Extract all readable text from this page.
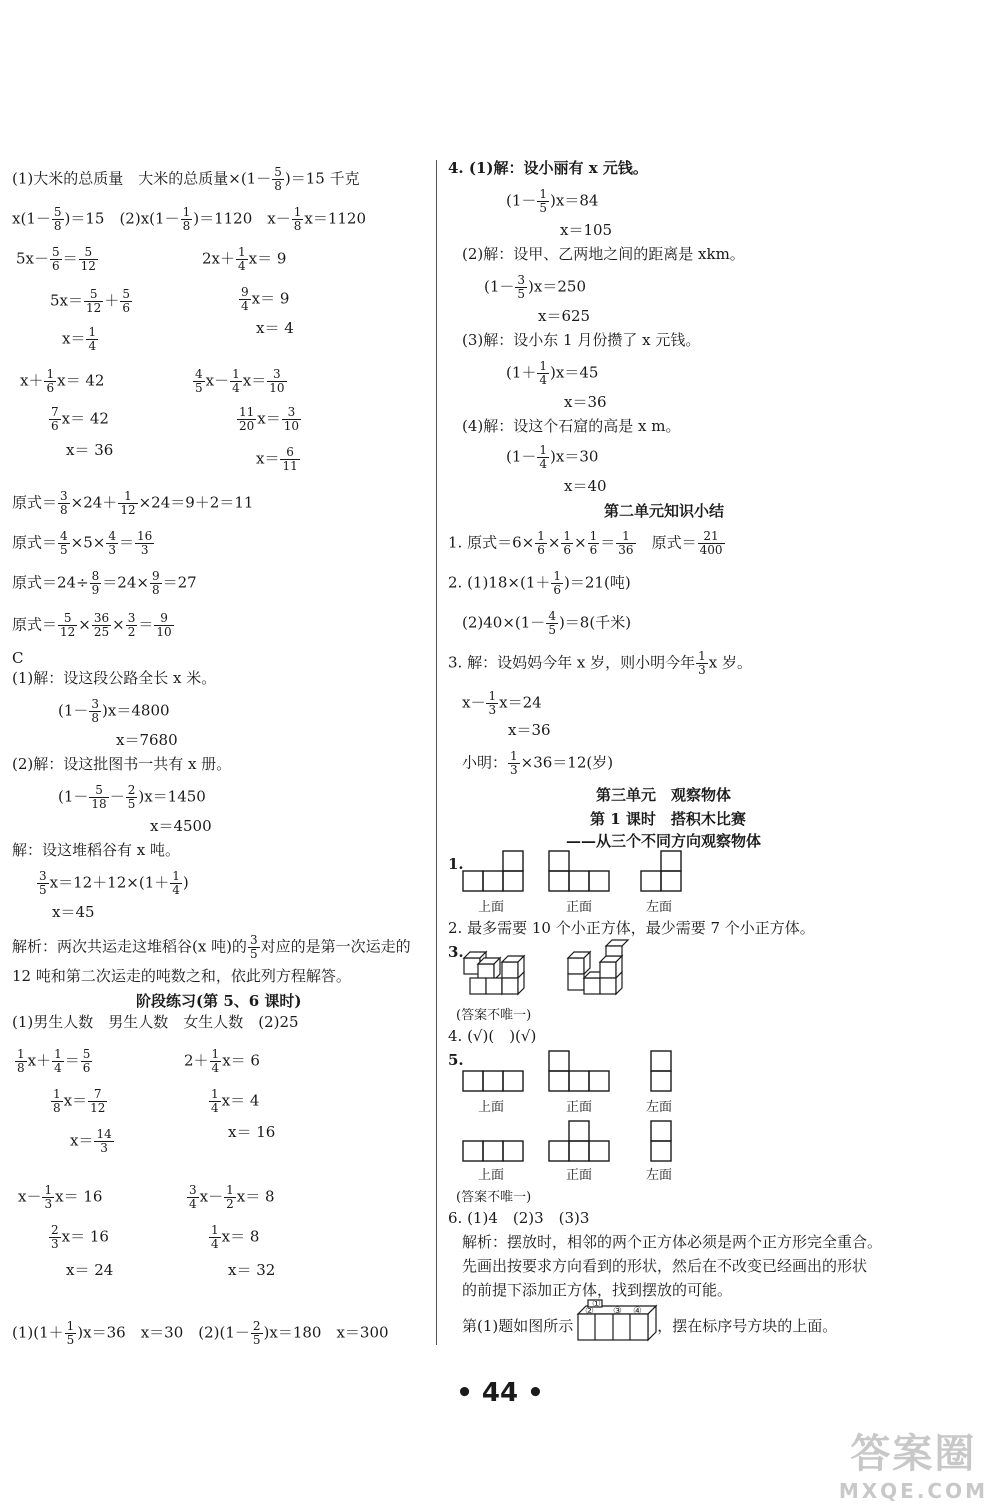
(1)大米的总质量　大米的总质量$\times(1- \frac{5}{8} )=15$ 千克
$x(1- \frac{5}{8} )=15$　$(2)x(1- \frac{1}{8} )=1120$　$x- \frac{1}{8} x=1120$
$5x- \frac{5}{6} = \frac{5}{12}$
$5x= \frac{5}{12} + \frac{5}{6}$
$x= \frac{1}{4}$
$2x+ \frac{1}{4} x= 9$
$\frac{9}{4} x= 9$
x＝ 4
$x+ \frac{1}{6} x= 42$
$\frac{7}{6} x= 42$
x＝ 36
$\frac{4}{5} x- \frac{1}{4} x= \frac{3}{10}$
$\frac{11}{20} x= \frac{3}{10}$
$x= \frac{6}{11}$
原式＝ $\frac{3}{8} \times 24+ \frac{1}{12} \times 24=9+2=11$
原式＝ $\frac{4}{5} \times 5\times \frac{4}{3} = \frac{16}{3}$
原式$=24\div \frac{8}{9} =24\times \frac{9}{8} =27$
原式＝ $\frac{5}{12} \times \frac{36}{25} \times \frac{3}{2} = \frac{9}{10}$
C
(1)解：设这段公路全长 x 米。
$(1- \frac{3}{8} )x=4800$
x＝7680
(2)解：设这批图书一共有 x 册。
$(1- \frac{5}{18} - \frac{2}{5} )x=1450$
x＝4500
解：设这堆稻谷有 x 吨。
$\frac{3}{5} x=12+12\times(1+ \frac{1}{4}$ )
x＝45
解析：两次共运走这堆稻谷(x 吨)的 $\frac{3}{5}$ 对应的是第一次运走的
12 吨和第二次运走的吨数之和，依此列方程解答。
阶段练习(第 5、6 课时)
(1)男生人数　男生人数　女生人数　(2)25
$\frac{1}{8} x+ \frac{1}{4} = \frac{5}{6}$
$\frac{1}{8} x= \frac{7}{12}$
$x= \frac{14}{3}$
$2+ \frac{1}{4} x= 6$
$\frac{1}{4} x= 4$
x＝ 16
$x- \frac{1}{3} x= 16$
$\frac{2}{3} x= 16$
x＝ 24
$\frac{3}{4} x- \frac{1}{2} x= 8$
$\frac{1}{4} x= 8$
x＝ 32
$(1)(1+ \frac{1}{5} )x=36$　x＝30　$(2)(1- \frac{2}{5} )x=180$　x＝300
4. (1)解：设小丽有 x 元钱。
$(1- \frac{1}{5} )x=84$
x＝105
(2)解：设甲、乙两地之间的距离是 xkm。
$(1- \frac{3}{5} )x=250$
x＝625
(3)解：设小东 1 月份攒了 x 元钱。
$(1+ \frac{1}{4} )x=45$
x＝36
(4)解：设这个石窟的高是 x m。
$(1- \frac{1}{4} )x=30$
x＝40
第二单元知识小结
1. 原式$=6\times \frac{1}{6} \times \frac{1}{6} \times \frac{1}{6} = \frac{1}{36}$ 　原式＝ $\frac{21}{400}$
2. $(1)18\times(1+ \frac{1}{6} )=21$(吨)
$(2)40\times(1- \frac{4}{5} )=8$(千米)
3. 解：设妈妈今年 x 岁，则小明今年 $\frac{1}{3}$ x 岁。
$x- \frac{1}{3} x=24$
x＝36
小明： $\frac{1}{3} \times 36=12$(岁)
第三单元　观察物体
第 1 课时　搭积木比赛
——从三个不同方向观察物体
1.
上面	正面	左面
2. 最多需要 10 个小正方体，最少需要 7 个小正方体。
3.
(答案不唯一)
4. (√)(　)(√)
5.
上面	正面	左面
上面	正面	左面
(答案不唯一)
6. (1)4　(2)3　(3)3
解析：摆放时，相邻的两个正方体必须是两个正方形完全重合。
先画出按要求方向看到的形状，然后在不改变已经画出的形状
的前提下添加正方体，找到摆放的可能。
第(1)题如图所示	，摆在标序号方块的上面。
①
② ③ ④
• 44 •
答案圈
MXQE.COM
